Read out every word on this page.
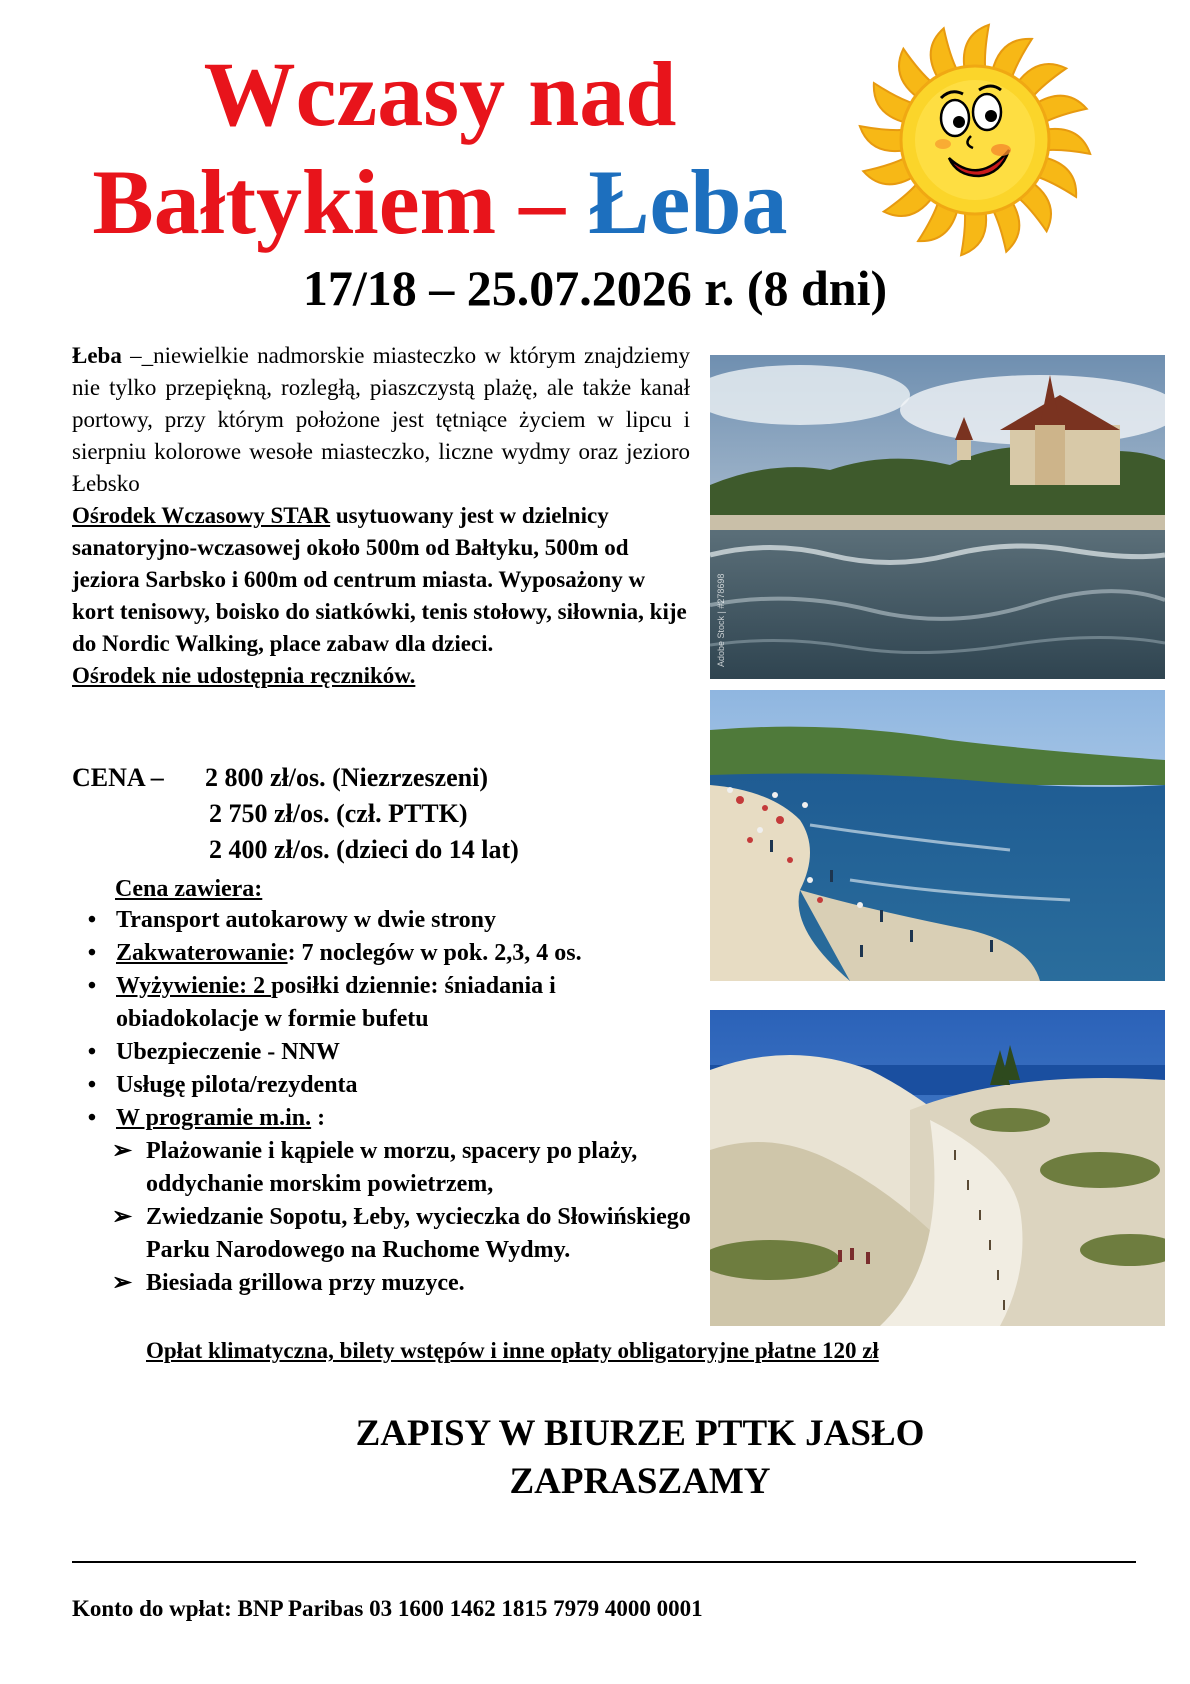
Wczasy nad
Bałtykiem – Łeba
17/18 – 25.07.2026 r. (8 dni)
Łeba –_niewielkie nadmorskie miasteczko w którym znajdziemy nie tylko przepiękną, rozległą, piaszczystą plażę, ale także kanał portowy, przy którym położone jest tętniące życiem w lipcu i sierpniu kolorowe wesołe miasteczko, liczne wydmy oraz jezioro Łebsko

Ośrodek Wczasowy STAR usytuowany jest w dzielnicy sanatoryjno-wczasowej około 500m od Bałtyku, 500m od jeziora Sarbsko i 600m od centrum miasta. Wyposażony w kort tenisowy, boisko do siatkówki, tenis stołowy, siłownia, kije do Nordic Walking, place zabaw dla dzieci.

Ośrodek nie udostępnia ręczników.

CENA – 2 800 zł/os. (Niezrzeszeni)
2 750 zł/os. (czł. PTTK)
2 400 zł/os. (dzieci do 14 lat)
Cena zawiera:
• Transport autokarowy w dwie strony
• Zakwaterowanie: 7 noclegów w pok. 2,3, 4 os.
• Wyżywienie: 2 posiłki dziennie: śniadania i obiadokolacje w formie bufetu
• Ubezpieczenie - NNW
• Usługę pilota/rezydenta
• W programie m.in. :
➢ Plażowanie i kąpiele w morzu, spacery po plaży, oddychanie morskim powietrzem,
➢ Zwiedzanie Sopotu, Łeby, wycieczka do Słowińskiego Parku Narodowego na Ruchome Wydmy.
➢ Biesiada grillowa przy muzyce.
Opłat klimatyczna, bilety wstępów i inne opłaty obligatoryjne płatne 120 zł
Adobe Stock | #278698
ZAPISY W BIURZE PTTK JASŁO
ZAPRASZAMY
Konto do wpłat: BNP Paribas 03 1600 1462 1815 7979 4000 0001
